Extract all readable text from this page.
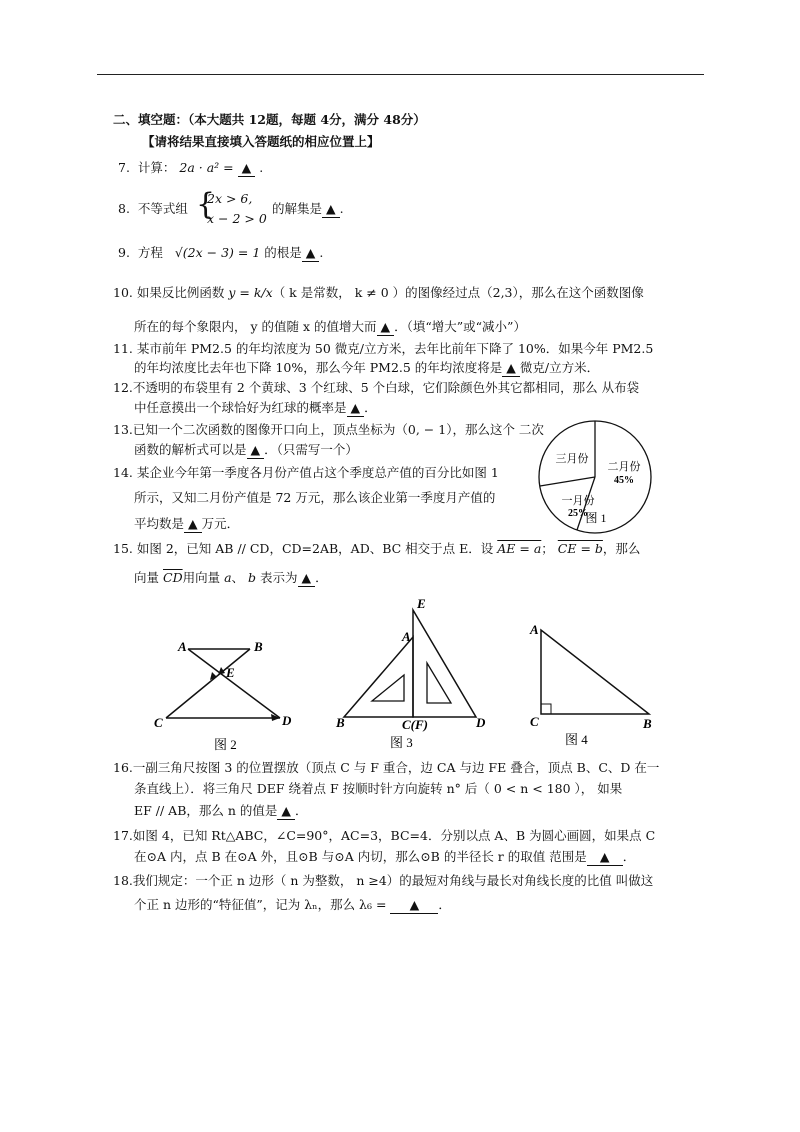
二、填空题：（本大题共 12题，每题 4分，满分 48分）
【请将结果直接填入答题纸的相应位置上】
7. 计算： 2a · a² = ▲ .
8. 不等式组 {
2x > 6,
x − 2 > 0
的解集是 ▲ .
9. 方程 √(2x − 3) = 1 的根是 ▲ .
10. 如果反比例函数 y = k/x（ k 是常数， k ≠ 0 ）的图像经过点（2,3），那么在这个函数图像
所在的每个象限内， y 的值随 x 的值增大而 ▲ ．（填“增大”或“减小”）
11. 某市前年 PM2.5 的年均浓度为 50 微克/立方米，去年比前年下降了 10%．如果今年 PM2.5
的年均浓度比去年也下降 10%，那么今年 PM2.5 的年均浓度将是 ▲ 微克/立方米．
12.不透明的布袋里有 2 个黄球、3 个红球、5 个白球，它们除颜色外其它都相同，那么 从布袋
中任意摸出一个球恰好为红球的概率是 ▲ ．
13.已知一个二次函数的图像开口向上，顶点坐标为（0, − 1），那么这个 二次
函数的解析式可以是 ▲ ．（只需写一个）
14. 某企业今年第一季度各月份产值占这个季度总产值的百分比如图 1
所示，又知二月份产值是 72 万元，那么该企业第一季度月产值的
平均数是 ▲ 万元．
三月份
二月份
45%
一月份
25%
图 1
15. 如图 2，已知 AB // CD，CD=2AB，AD、BC 相交于点 E．设 AE = a； CE = b，那么
向量 $\overline{CD}$用向量 a、 b 表示为 ▲ ．
A	B
E
C	D
图 2
E
A
B	C(F)	D
图 3
A
C	B
图 4
16.一副三角尺按图 3 的位置摆放（顶点 C 与 F 重合，边 CA 与边 FE 叠合，顶点 B、C、D 在一
条直线上）．将三角尺 DEF 绕着点 F 按顺时针方向旋转 n° 后（ 0 < n < 180 ）， 如果
EF // AB，那么 n 的值是 ▲ ．
17.如图 4，已知 Rt△ABC，∠C=90°，AC=3，BC=4．分别以点 A、B 为圆心画圆，如果点 C
在⊙A 内，点 B 在⊙A 外，且⊙B 与⊙A 内切，那么⊙B 的半径长 r 的取值 范围是 ▲ ．
18.我们规定：一个正 n 边形（ n 为整数， n ≥4）的最短对角线与最长对角线长度的比值 叫做这
个正 n 边形的“特征值”，记为 λₙ，那么 λ₆ = ▲ ．
